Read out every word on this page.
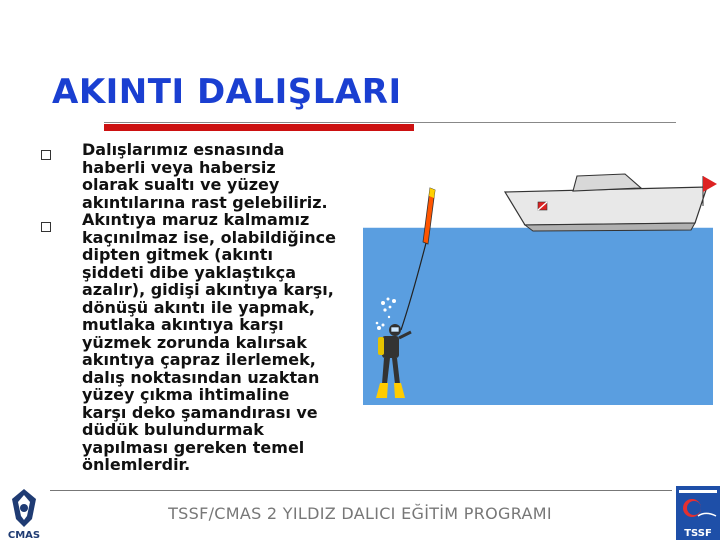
AKINTI DALIŞLARI
Dalışlarımız esnasında
haberli veya habersiz
olarak sualtı ve yüzey
akıntılarına rast gelebiliriz.
Akıntıya maruz kalmamız
kaçınılmaz ise, olabildiğince
dipten gitmek (akıntı
şiddeti dibe yaklaştıkça
azalır), gidişi akıntıya karşı,
dönüşü akıntı ile yapmak,
mutlaka akıntıya karşı
yüzmek zorunda kalırsak
akıntıya çapraz ilerlemek,
dalış noktasından uzaktan
yüzey çıkma ihtimaline
karşı deko şamandırası ve
düdük bulundurmak
yapılması gereken temel
önlemlerdir.
TSSF/CMAS 2 YILDIZ DALICI EĞİTİM PROGRAMI
CMAS	TSSF
